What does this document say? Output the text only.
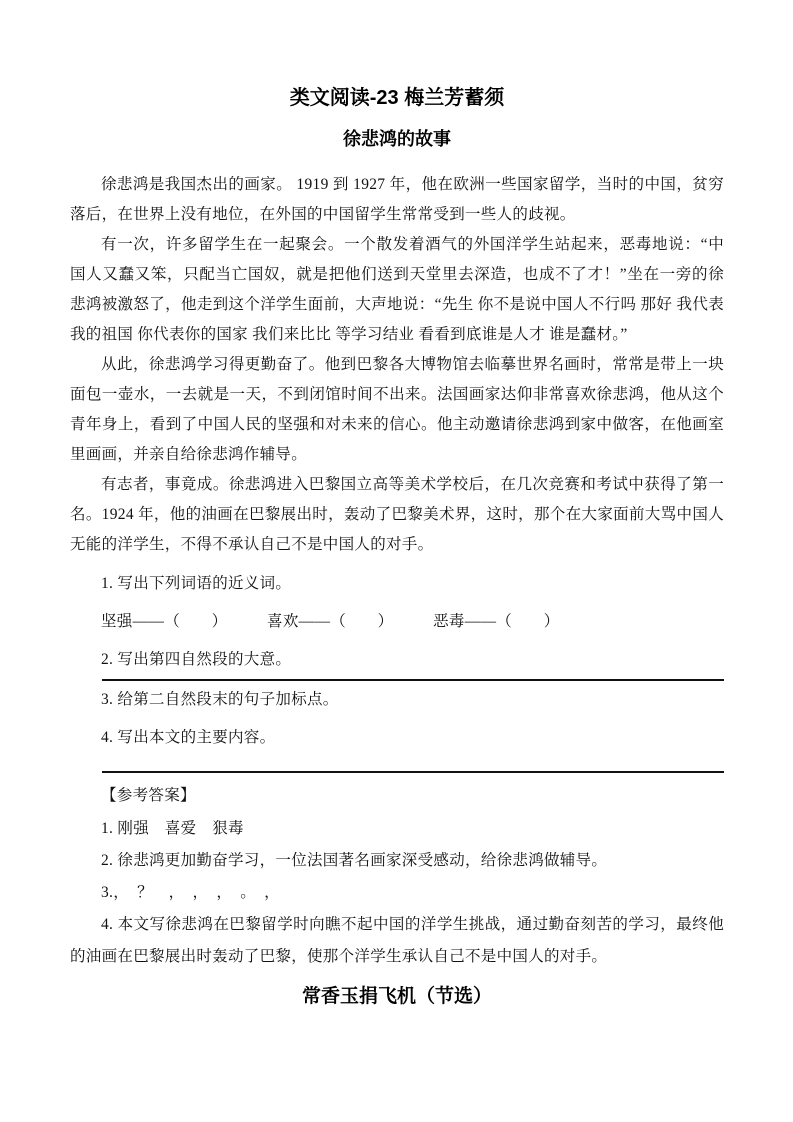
类文阅读-23 梅兰芳蓄须
徐悲鸿的故事

徐悲鸿是我国杰出的画家。 1919 到 1927 年，他在欧洲一些国家留学，当时的中国，贫穷落后，在世界上没有地位，在外国的中国留学生常常受到一些人的歧视。

有一次，许多留学生在一起聚会。一个散发着酒气的外国洋学生站起来，恶毒地说：“中国人又蠢又笨，只配当亡国奴，就是把他们送到天堂里去深造，也成不了才！”坐在一旁的徐悲鸿被激怒了，他走到这个洋学生面前，大声地说：“先生 你不是说中国人不行吗 那好 我代表我的祖国 你代表你的国家 我们来比比 等学习结业 看看到底谁是人才 谁是蠢材。”

从此，徐悲鸿学习得更勤奋了。他到巴黎各大博物馆去临摹世界名画时，常常是带上一块面包一壶水，一去就是一天，不到闭馆时间不出来。法国画家达仰非常喜欢徐悲鸿，他从这个青年身上，看到了中国人民的坚强和对未来的信心。他主动邀请徐悲鸿到家中做客，在他画室里画画，并亲自给徐悲鸿作辅导。

有志者，事竟成。徐悲鸿进入巴黎国立高等美术学校后，在几次竞赛和考试中获得了第一名。1924 年，他的油画在巴黎展出时，轰动了巴黎美术界，这时，那个在大家面前大骂中国人无能的洋学生，不得不承认自己不是中国人的对手。

1. 写出下列词语的近义词。

坚强——（　　）　　　喜欢——（　　）　　　恶毒——（　　）

2. 写出第四自然段的大意。

3. 给第二自然段末的句子加标点。

4. 写出本文的主要内容。

【参考答案】

1. 刚强　喜爱　狠毒

2. 徐悲鸿更加勤奋学习，一位法国著名画家深受感动，给徐悲鸿做辅导。

3.，　？　，　，　，　。　，

4. 本文写徐悲鸿在巴黎留学时向瞧不起中国的洋学生挑战，通过勤奋刻苦的学习，最终他的油画在巴黎展出时轰动了巴黎，使那个洋学生承认自己不是中国人的对手。

常香玉捐飞机（节选）
